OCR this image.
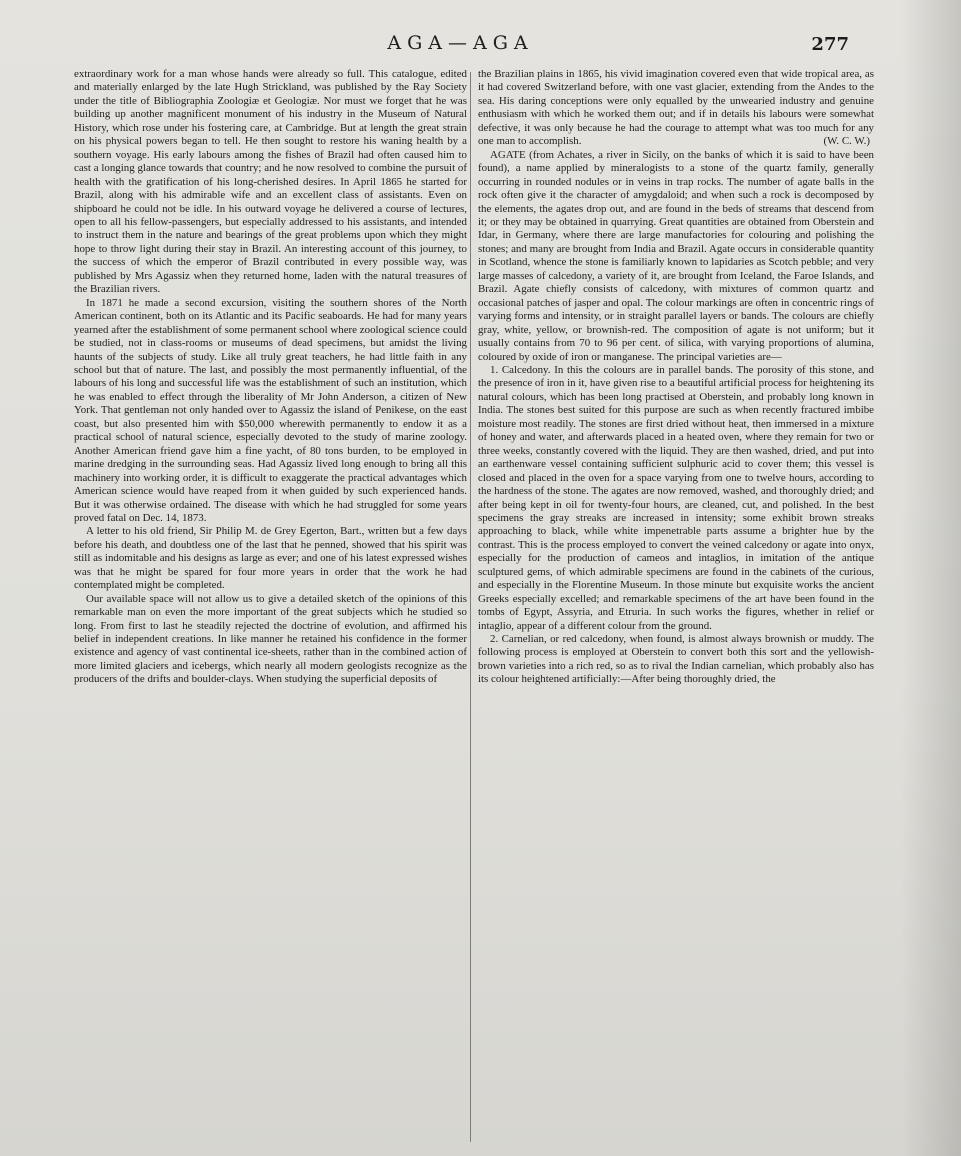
AGA—AGA	277

extraordinary work for a man whose hands were already so full. This catalogue, edited and materially enlarged by the late Hugh Strickland, was published by the Ray Society under the title of Bibliographia Zoologiæ et Geologiæ. Nor must we forget that he was building up another magnificent monument of his industry in the Museum of Natural History, which rose under his fostering care, at Cambridge. But at length the great strain on his physical powers began to tell. He then sought to restore his waning health by a southern voyage. His early labours among the fishes of Brazil had often caused him to cast a longing glance towards that country; and he now resolved to combine the pursuit of health with the gratification of his long-cherished desires. In April 1865 he started for Brazil, along with his admirable wife and an excellent class of assistants. Even on shipboard he could not be idle. In his outward voyage he delivered a course of lectures, open to all his fellow-passengers, but especially addressed to his assistants, and intended to instruct them in the nature and bearings of the great problems upon which they might hope to throw light during their stay in Brazil. An interesting account of this journey, to the success of which the emperor of Brazil contributed in every possible way, was published by Mrs Agassiz when they returned home, laden with the natural treasures of the Brazilian rivers.

In 1871 he made a second excursion, visiting the southern shores of the North American continent, both on its Atlantic and its Pacific seaboards. He had for many years yearned after the establishment of some permanent school where zoological science could be studied, not in class-rooms or museums of dead specimens, but amidst the living haunts of the subjects of study. Like all truly great teachers, he had little faith in any school but that of nature. The last, and possibly the most permanently influential, of the labours of his long and successful life was the establishment of such an institution, which he was enabled to effect through the liberality of Mr John Anderson, a citizen of New York. That gentleman not only handed over to Agassiz the island of Penikese, on the east coast, but also presented him with $50,000 wherewith permanently to endow it as a practical school of natural science, especially devoted to the study of marine zoology. Another American friend gave him a fine yacht, of 80 tons burden, to be employed in marine dredging in the surrounding seas. Had Agassiz lived long enough to bring all this machinery into working order, it is difficult to exaggerate the practical advantages which American science would have reaped from it when guided by such experienced hands. But it was otherwise ordained. The disease with which he had struggled for some years proved fatal on Dec. 14, 1873.

A letter to his old friend, Sir Philip M. de Grey Egerton, Bart., written but a few days before his death, and doubtless one of the last that he penned, showed that his spirit was still as indomitable and his designs as large as ever; and one of his latest expressed wishes was that he might be spared for four more years in order that the work he had contemplated might be completed.

Our available space will not allow us to give a detailed sketch of the opinions of this remarkable man on even the more important of the great subjects which he studied so long. From first to last he steadily rejected the doctrine of evolution, and affirmed his belief in independent creations. In like manner he retained his confidence in the former existence and agency of vast continental ice-sheets, rather than in the combined action of more limited glaciers and icebergs, which nearly all modern geologists recognize as the producers of the drifts and boulder-clays. When studying the superficial deposits of

the Brazilian plains in 1865, his vivid imagination covered even that wide tropical area, as it had covered Switzerland before, with one vast glacier, extending from the Andes to the sea. His daring conceptions were only equalled by the unwearied industry and genuine enthusiasm with which he worked them out; and if in details his labours were somewhat defective, it was only because he had the courage to attempt what was too much for any one man to accomplish.	(W. C. W.)

AGATE (from Achates, a river in Sicily, on the banks of which it is said to have been found), a name applied by mineralogists to a stone of the quartz family, generally occurring in rounded nodules or in veins in trap rocks. The number of agate balls in the rock often give it the character of amygdaloid; and when such a rock is decomposed by the elements, the agates drop out, and are found in the beds of streams that descend from it; or they may be obtained in quarrying. Great quantities are obtained from Oberstein and Idar, in Germany, where there are large manufactories for colouring and polishing the stones; and many are brought from India and Brazil. Agate occurs in considerable quantity in Scotland, whence the stone is familiarly known to lapidaries as Scotch pebble; and very large masses of calcedony, a variety of it, are brought from Iceland, the Faroe Islands, and Brazil. Agate chiefly consists of calcedony, with mixtures of common quartz and occasional patches of jasper and opal. The colour markings are often in concentric rings of varying forms and intensity, or in straight parallel layers or bands. The colours are chiefly gray, white, yellow, or brownish-red. The composition of agate is not uniform; but it usually contains from 70 to 96 per cent. of silica, with varying proportions of alumina, coloured by oxide of iron or manganese. The principal varieties are—

1. Calcedony. In this the colours are in parallel bands. The porosity of this stone, and the presence of iron in it, have given rise to a beautiful artificial process for heightening its natural colours, which has been long practised at Oberstein, and probably long known in India. The stones best suited for this purpose are such as when recently fractured imbibe moisture most readily. The stones are first dried without heat, then immersed in a mixture of honey and water, and afterwards placed in a heated oven, where they remain for two or three weeks, constantly covered with the liquid. They are then washed, dried, and put into an earthenware vessel containing sufficient sulphuric acid to cover them; this vessel is closed and placed in the oven for a space varying from one to twelve hours, according to the hardness of the stone. The agates are now removed, washed, and thoroughly dried; and after being kept in oil for twenty-four hours, are cleaned, cut, and polished. In the best specimens the gray streaks are increased in intensity; some exhibit brown streaks approaching to black, while white impenetrable parts assume a brighter hue by the contrast. This is the process employed to convert the veined calcedony or agate into onyx, especially for the production of cameos and intaglios, in imitation of the antique sculptured gems, of which admirable specimens are found in the cabinets of the curious, and especially in the Florentine Museum. In those minute but exquisite works the ancient Greeks especially excelled; and remarkable specimens of the art have been found in the tombs of Egypt, Assyria, and Etruria. In such works the figures, whether in relief or intaglio, appear of a different colour from the ground.

2. Carnelian, or red calcedony, when found, is almost always brownish or muddy. The following process is employed at Oberstein to convert both this sort and the yellowish-brown varieties into a rich red, so as to rival the Indian carnelian, which probably also has its colour heightened artificially:—After being thoroughly dried, the
